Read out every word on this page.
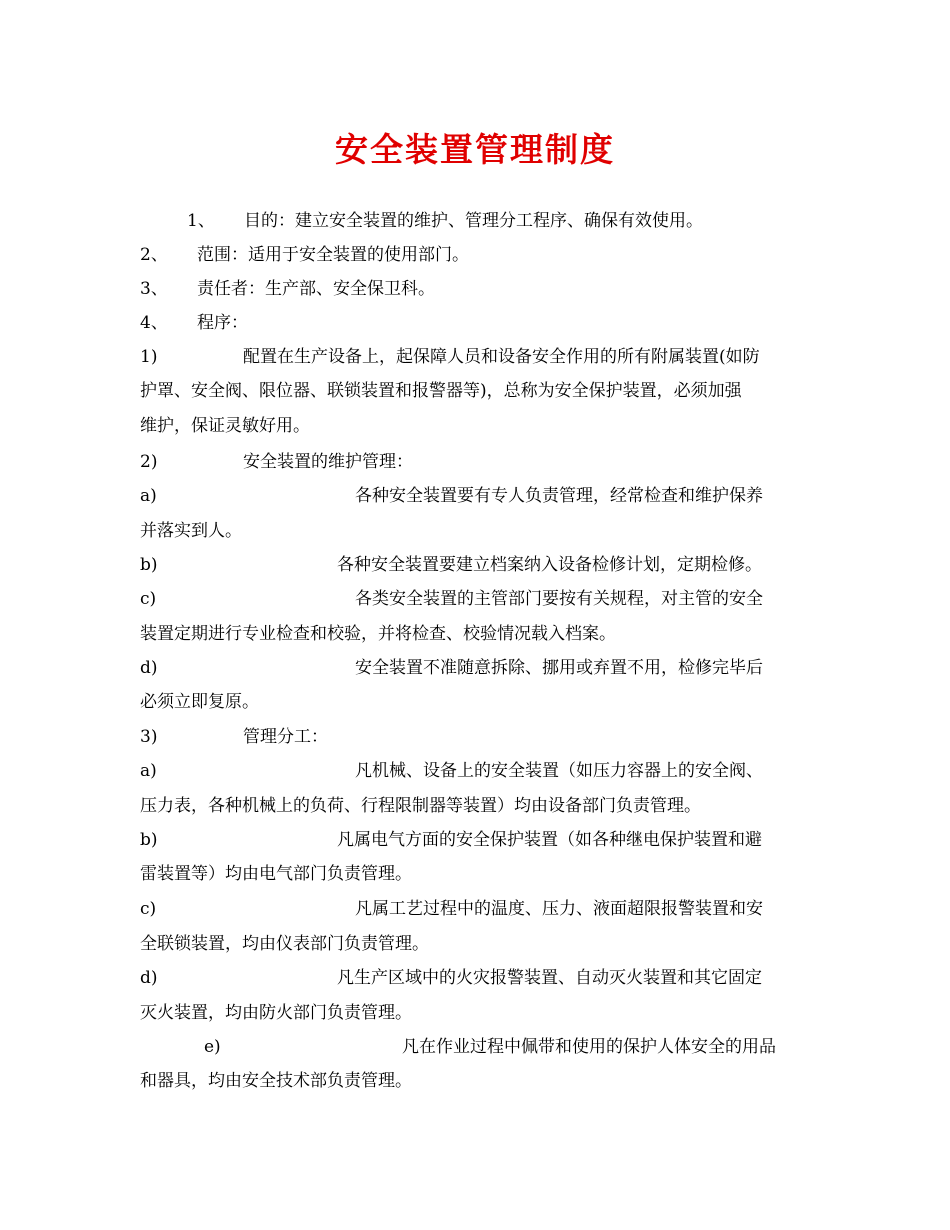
安全装置管理制度
1、 目的：建立安全装置的维护、管理分工程序、确保有效使用。
2、 范围：适用于安全装置的使用部门。
3、 责任者：生产部、安全保卫科。
4、 程序：
1)	配置在生产设备上，起保障人员和设备安全作用的所有附属装置(如防
护罩、安全阀、限位器、联锁装置和报警器等)，总称为安全保护装置，必须加强
维护，保证灵敏好用。
2)	安全装置的维护管理：
a)	各种安全装置要有专人负责管理，经常检查和维护保养
并落实到人。
b)	各种安全装置要建立档案纳入设备检修计划，定期检修。
c)	各类安全装置的主管部门要按有关规程，对主管的安全
装置定期进行专业检查和校验，并将检查、校验情况载入档案。
d)	安全装置不准随意拆除、挪用或弃置不用，检修完毕后
必须立即复原。
3)	管理分工：
a)	凡机械、设备上的安全装置（如压力容器上的安全阀、
压力表，各种机械上的负荷、行程限制器等装置）均由设备部门负责管理。
b)	凡属电气方面的安全保护装置（如各种继电保护装置和避
雷装置等）均由电气部门负责管理。
c)	凡属工艺过程中的温度、压力、液面超限报警装置和安
全联锁装置，均由仪表部门负责管理。
d)	凡生产区域中的火灾报警装置、自动灭火装置和其它固定
灭火装置，均由防火部门负责管理。
e)	凡在作业过程中佩带和使用的保护人体安全的用品
和器具，均由安全技术部负责管理。
